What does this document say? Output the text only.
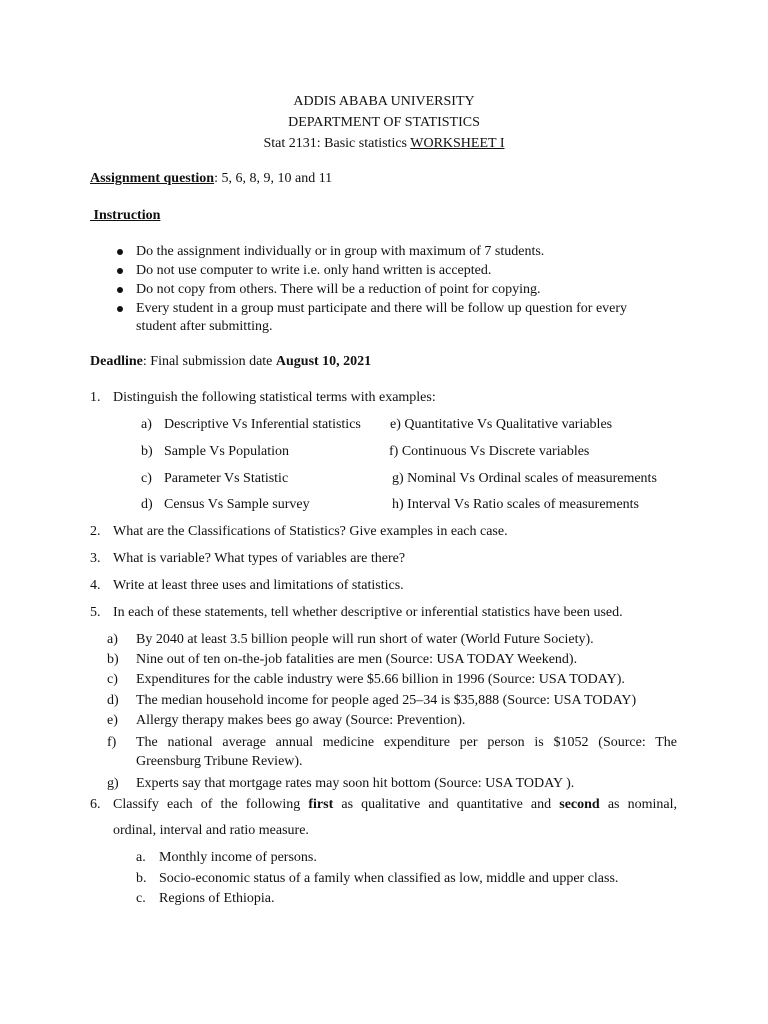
ADDIS ABABA UNIVERSITY
DEPARTMENT OF STATISTICS
Stat 2131: Basic statistics WORKSHEET I
Assignment question: 5, 6, 8, 9, 10 and 11
Instruction
Do the assignment individually or in group with maximum of 7 students.
Do not use computer to write i.e. only hand written is accepted.
Do not copy from others. There will be a reduction of point for copying.
Every student in a group must participate and there will be follow up question for every
student after submitting.
Deadline: Final submission date August 10, 2021
1. Distinguish the following statistical terms with examples:
a) Descriptive Vs Inferential statistics e) Quantitative Vs Qualitative variables
b) Sample Vs Population	f) Continuous Vs Discrete variables
c) Parameter Vs Statistic	g) Nominal Vs Ordinal scales of measurements
d) Census Vs Sample survey	h) Interval Vs Ratio scales of measurements
2. What are the Classifications of Statistics? Give examples in each case.
3. What is variable? What types of variables are there?
4. Write at least three uses and limitations of statistics.
5. In each of these statements, tell whether descriptive or inferential statistics have been used.
a) By 2040 at least 3.5 billion people will run short of water (World Future Society).
b) Nine out of ten on-the-job fatalities are men (Source: USA TODAY Weekend).
c) Expenditures for the cable industry were $5.66 billion in 1996 (Source: USA TODAY).
d) The median household income for people aged 25–34 is $35,888 (Source: USA TODAY)
e) Allergy therapy makes bees go away (Source: Prevention).
f) The national average annual medicine expenditure per person is $1052 (Source: The
Greensburg Tribune Review).
g) Experts say that mortgage rates may soon hit bottom (Source: USA TODAY ).
6. Classify each of the following first as qualitative and quantitative and second as nominal,
ordinal, interval and ratio measure.
a. Monthly income of persons.
b. Socio-economic status of a family when classified as low, middle and upper class.
c. Regions of Ethiopia.
